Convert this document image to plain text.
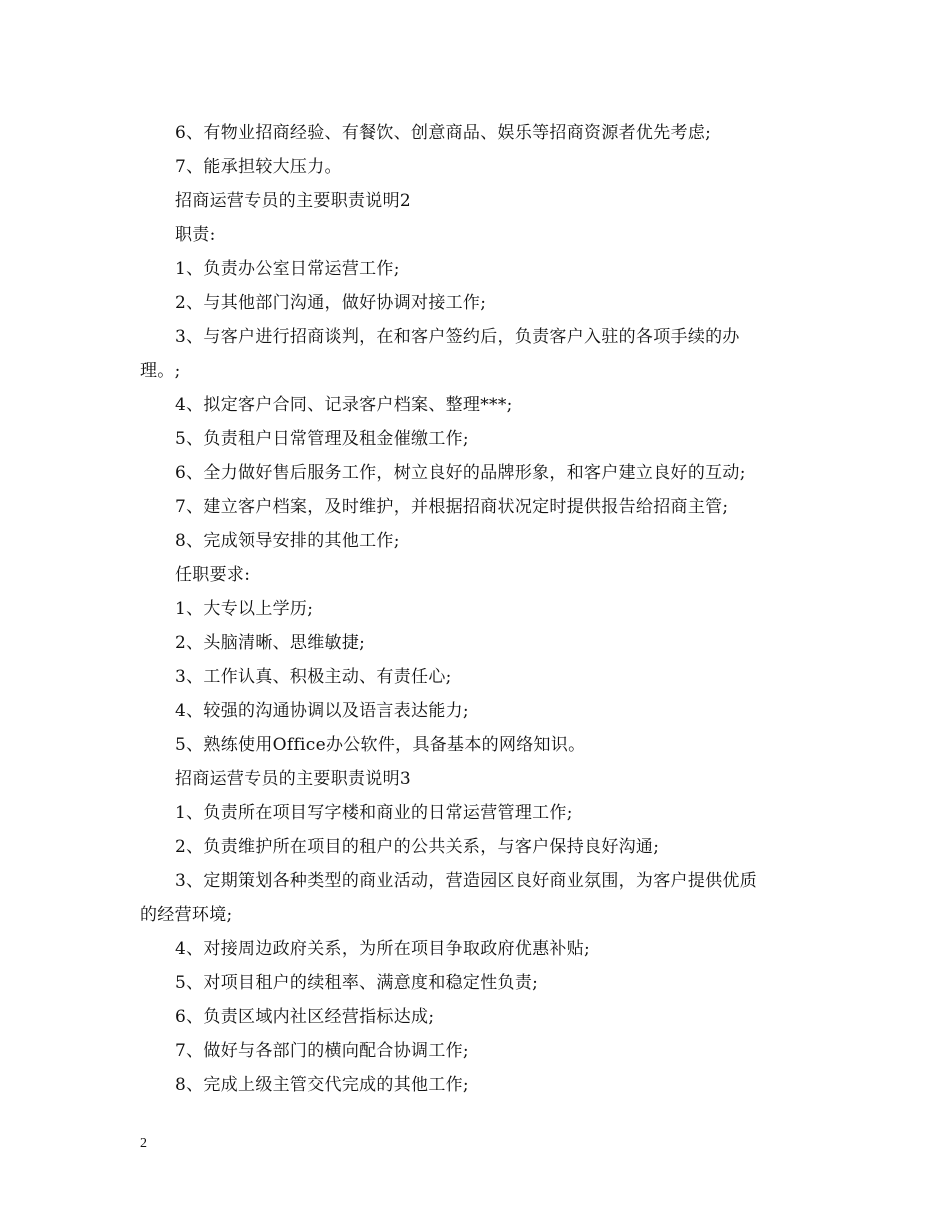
6、有物业招商经验、有餐饮、创意商品、娱乐等招商资源者优先考虑;
7、能承担较大压力。
招商运营专员的主要职责说明2
职责:
1、负责办公室日常运营工作;
2、与其他部门沟通，做好协调对接工作;
3、与客户进行招商谈判，在和客户签约后，负责客户入驻的各项手续的办
理。;
4、拟定客户合同、记录客户档案、整理***;
5、负责租户日常管理及租金催缴工作;
6、全力做好售后服务工作，树立良好的品牌形象，和客户建立良好的互动;
7、建立客户档案，及时维护，并根据招商状况定时提供报告给招商主管;
8、完成领导安排的其他工作;
任职要求:
1、大专以上学历;
2、头脑清晰、思维敏捷;
3、工作认真、积极主动、有责任心;
4、较强的沟通协调以及语言表达能力;
5、熟练使用Office办公软件，具备基本的网络知识。
招商运营专员的主要职责说明3
1、负责所在项目写字楼和商业的日常运营管理工作;
2、负责维护所在项目的租户的公共关系，与客户保持良好沟通;
3、定期策划各种类型的商业活动，营造园区良好商业氛围，为客户提供优质
的经营环境;
4、对接周边政府关系，为所在项目争取政府优惠补贴;
5、对项目租户的续租率、满意度和稳定性负责;
6、负责区域内社区经营指标达成;
7、做好与各部门的横向配合协调工作;
8、完成上级主管交代完成的其他工作;
2
